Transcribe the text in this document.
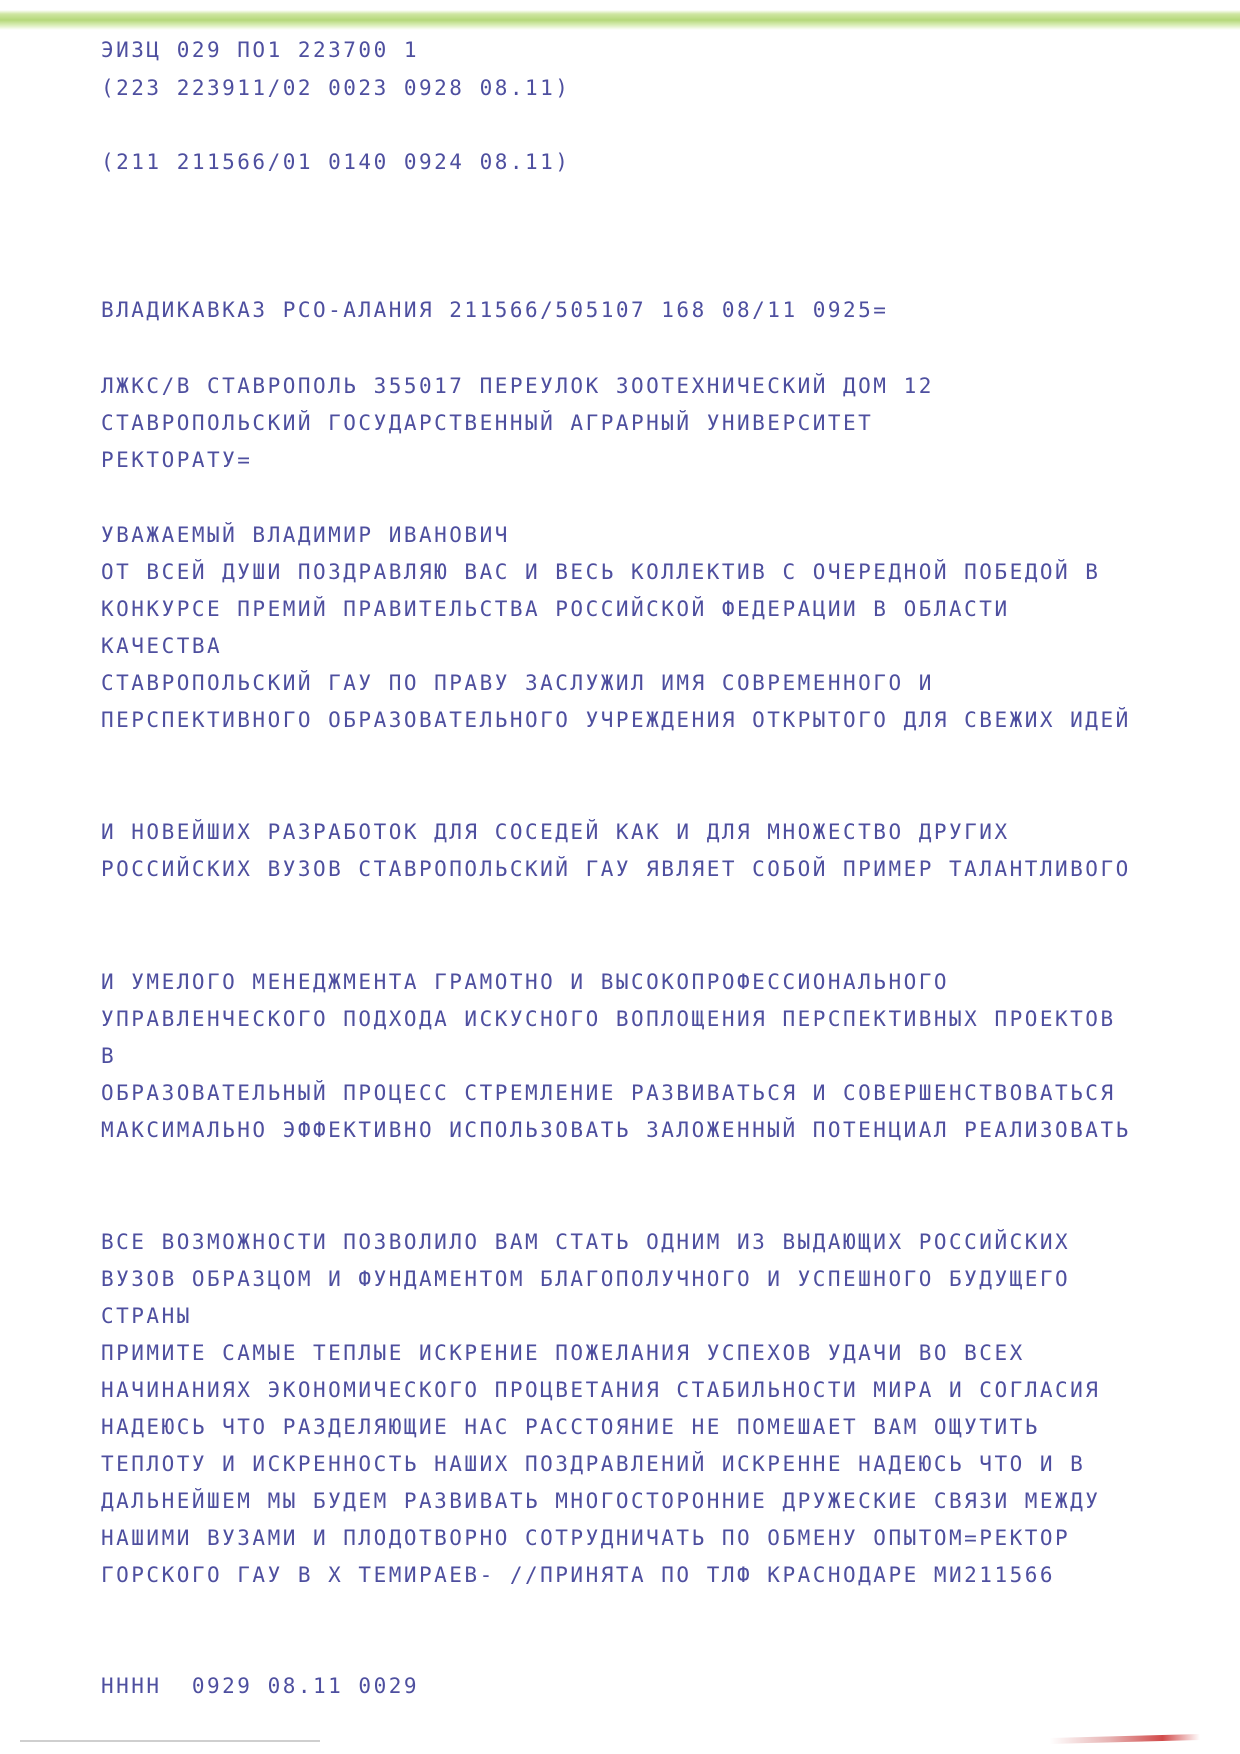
ЭИЗЦ 029 ПО1 223700 1

(223 223911/02 0023 0928 08.11)

(211 211566/01 0140 0924 08.11)

ВЛАДИКАВКАЗ РСО-АЛАНИЯ 211566/505107 168 08/11 0925=

ЛЖКС/В СТАВРОПОЛЬ 355017 ПЕРЕУЛОК ЗООТЕХНИЧЕСКИЙ ДОМ 12

СТАВРОПОЛЬСКИЙ ГОСУДАРСТВЕННЫЙ АГРАРНЫЙ УНИВЕРСИТЕТ

РЕКТОРАТУ=

УВАЖАЕМЫЙ ВЛАДИМИР ИВАНОВИЧ

ОТ ВСЕЙ ДУШИ ПОЗДРАВЛЯЮ ВАС И ВЕСЬ КОЛЛЕКТИВ С ОЧЕРЕДНОЙ ПОБЕДОЙ В

КОНКУРСЕ ПРЕМИЙ ПРАВИТЕЛЬСТВА РОССИЙСКОЙ ФЕДЕРАЦИИ В ОБЛАСТИ

КАЧЕСТВА

СТАВРОПОЛЬСКИЙ ГАУ ПО ПРАВУ ЗАСЛУЖИЛ ИМЯ СОВРЕМЕННОГО И

ПЕРСПЕКТИВНОГО ОБРАЗОВАТЕЛЬНОГО УЧРЕЖДЕНИЯ ОТКРЫТОГО ДЛЯ СВЕЖИХ ИДЕЙ

И НОВЕЙШИХ РАЗРАБОТОК ДЛЯ СОСЕДЕЙ КАК И ДЛЯ МНОЖЕСТВО ДРУГИХ

РОССИЙСКИХ ВУЗОВ СТАВРОПОЛЬСКИЙ ГАУ ЯВЛЯЕТ СОБОЙ ПРИМЕР ТАЛАНТЛИВОГО

И УМЕЛОГО МЕНЕДЖМЕНТА ГРАМОТНО И ВЫСОКОПРОФЕССИОНАЛЬНОГО

УПРАВЛЕНЧЕСКОГО ПОДХОДА ИСКУСНОГО ВОПЛОЩЕНИЯ ПЕРСПЕКТИВНЫХ ПРОЕКТОВ

В

ОБРАЗОВАТЕЛЬНЫЙ ПРОЦЕСС СТРЕМЛЕНИЕ РАЗВИВАТЬСЯ И СОВЕРШЕНСТВОВАТЬСЯ

МАКСИМАЛЬНО ЭФФЕКТИВНО ИСПОЛЬЗОВАТЬ ЗАЛОЖЕННЫЙ ПОТЕНЦИАЛ РЕАЛИЗОВАТЬ

ВСЕ ВОЗМОЖНОСТИ ПОЗВОЛИЛО ВАМ СТАТЬ ОДНИМ ИЗ ВЫДАЮЩИХ РОССИЙСКИХ

ВУЗОВ ОБРАЗЦОМ И ФУНДАМЕНТОМ БЛАГОПОЛУЧНОГО И УСПЕШНОГО БУДУЩЕГО

СТРАНЫ

ПРИМИТЕ САМЫЕ ТЕПЛЫЕ ИСКРЕНИЕ ПОЖЕЛАНИЯ УСПЕХОВ УДАЧИ ВО ВСЕХ

НАЧИНАНИЯХ ЭКОНОМИЧЕСКОГО ПРОЦВЕТАНИЯ СТАБИЛЬНОСТИ МИРА И СОГЛАСИЯ

НАДЕЮСЬ ЧТО РАЗДЕЛЯЮЩИЕ НАС РАССТОЯНИЕ НЕ ПОМЕШАЕТ ВАМ ОЩУТИТЬ

ТЕПЛОТУ И ИСКРЕННОСТЬ НАШИХ ПОЗДРАВЛЕНИЙ ИСКРЕННЕ НАДЕЮСЬ ЧТО И В

ДАЛЬНЕЙШЕМ МЫ БУДЕМ РАЗВИВАТЬ МНОГОСТОРОННИЕ ДРУЖЕСКИЕ СВЯЗИ МЕЖДУ

НАШИМИ ВУЗАМИ И ПЛОДОТВОРНО СОТРУДНИЧАТЬ ПО ОБМЕНУ ОПЫТОМ=РЕКТОР

ГОРСКОГО ГАУ В Х ТЕМИРАЕВ- //ПРИНЯТА ПО ТЛФ КРАСНОДАРЕ МИ211566

НННН  0929 08.11 0029
